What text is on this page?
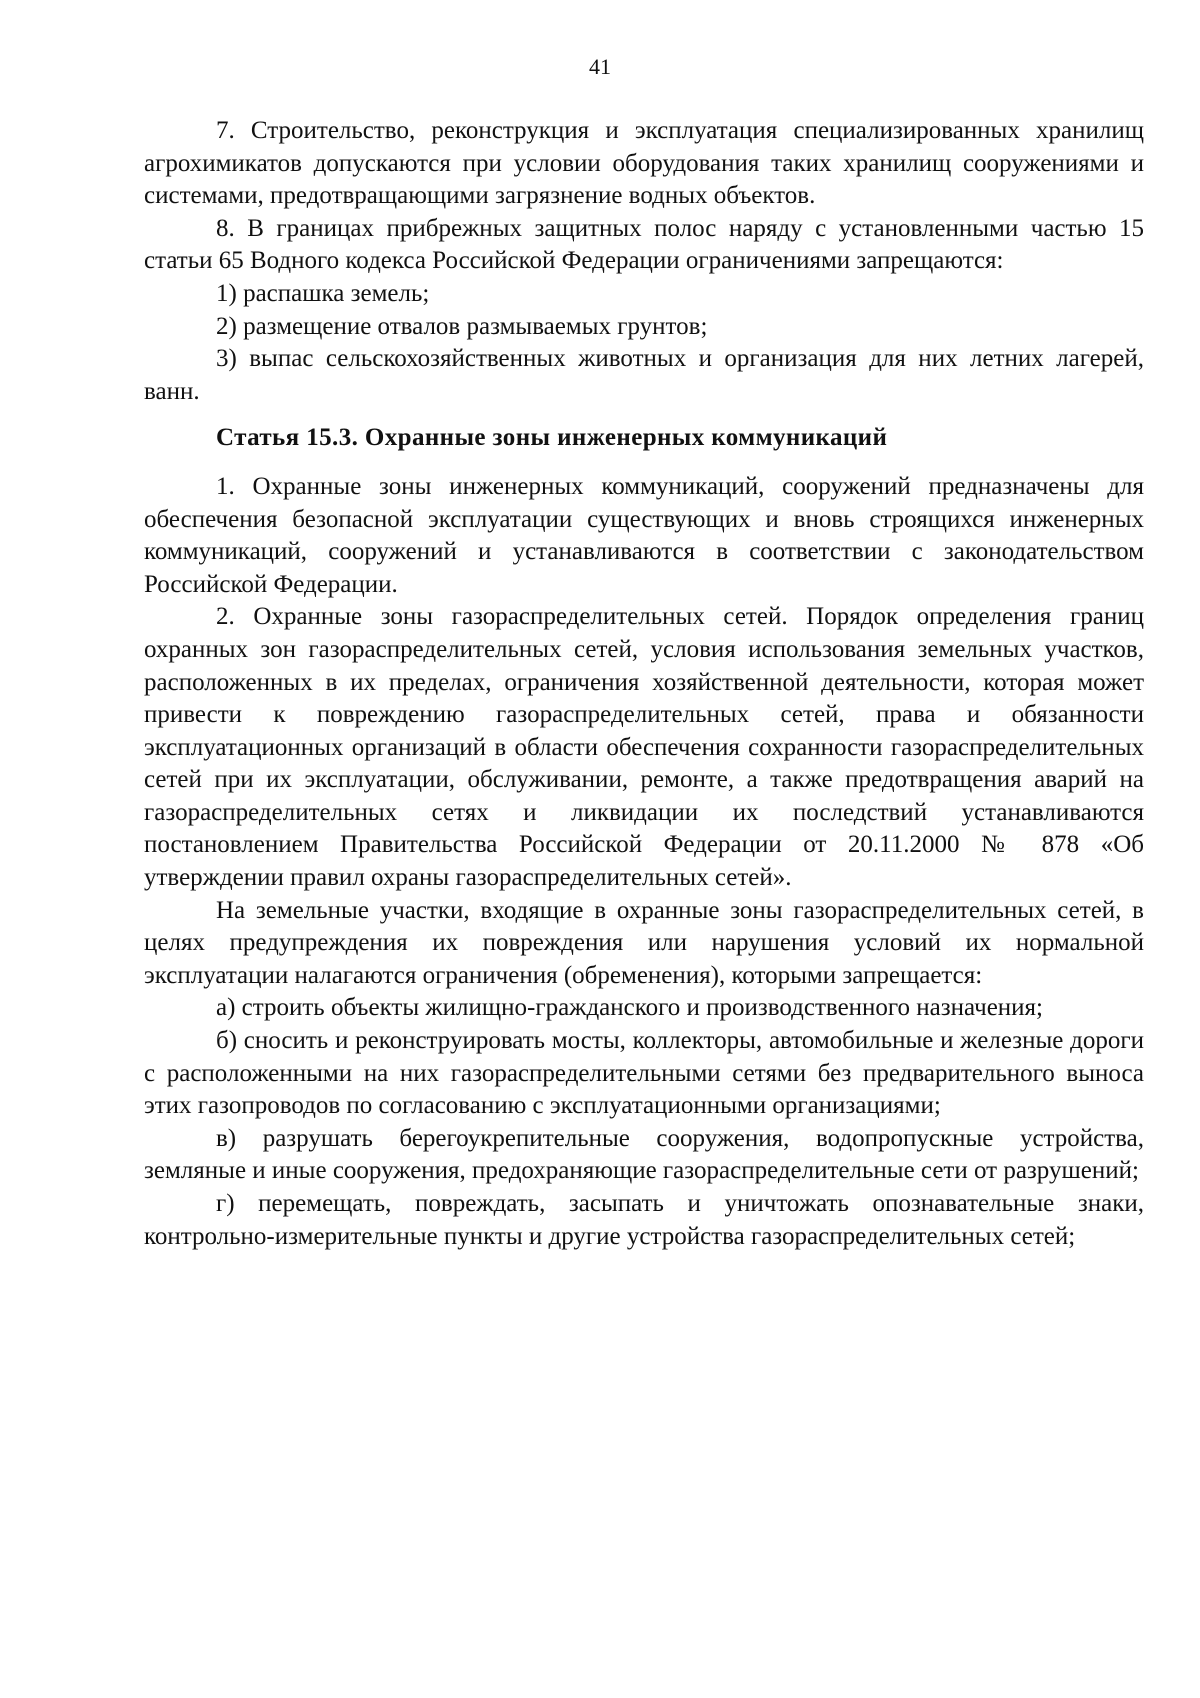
41

7. Строительство, реконструкция и эксплуатация специализированных хранилищ агрохимикатов допускаются при условии оборудования таких хранилищ сооружениями и системами, предотвращающими загрязнение водных объектов.

8. В границах прибрежных защитных полос наряду с установленными частью 15 статьи 65 Водного кодекса Российской Федерации ограничениями запрещаются:

1) распашка земель;

2) размещение отвалов размываемых грунтов;

3) выпас сельскохозяйственных животных и организация для них летних лагерей, ванн.

Статья 15.3. Охранные зоны инженерных коммуникаций

1. Охранные зоны инженерных коммуникаций, сооружений предназначены для обеспечения безопасной эксплуатации существующих и вновь строящихся инженерных коммуникаций, сооружений и устанавливаются в соответствии с законодательством Российской Федерации.

2. Охранные зоны газораспределительных сетей. Порядок определения границ охранных зон газораспределительных сетей, условия использования земельных участков, расположенных в их пределах, ограничения хозяйственной деятельности, которая может привести к повреждению газораспределительных сетей, права и обязанности эксплуатационных организаций в области обеспечения сохранности газораспределительных сетей при их эксплуатации, обслуживании, ремонте, а также предотвращения аварий на газораспределительных сетях и ликвидации их последствий устанавливаются постановлением Правительства Российской Федерации от 20.11.2000 № 878 «Об утверждении правил охраны газораспределительных сетей».

На земельные участки, входящие в охранные зоны газораспределительных сетей, в целях предупреждения их повреждения или нарушения условий их нормальной эксплуатации налагаются ограничения (обременения), которыми запрещается:

а) строить объекты жилищно-гражданского и производственного назначения;

б) сносить и реконструировать мосты, коллекторы, автомобильные и железные дороги с расположенными на них газораспределительными сетями без предварительного выноса этих газопроводов по согласованию с эксплуатационными организациями;

в) разрушать берегоукрепительные сооружения, водопропускные устройства, земляные и иные сооружения, предохраняющие газораспределительные сети от разрушений;

г) перемещать, повреждать, засыпать и уничтожать опознавательные знаки, контрольно-измерительные пункты и другие устройства газораспределительных сетей;
